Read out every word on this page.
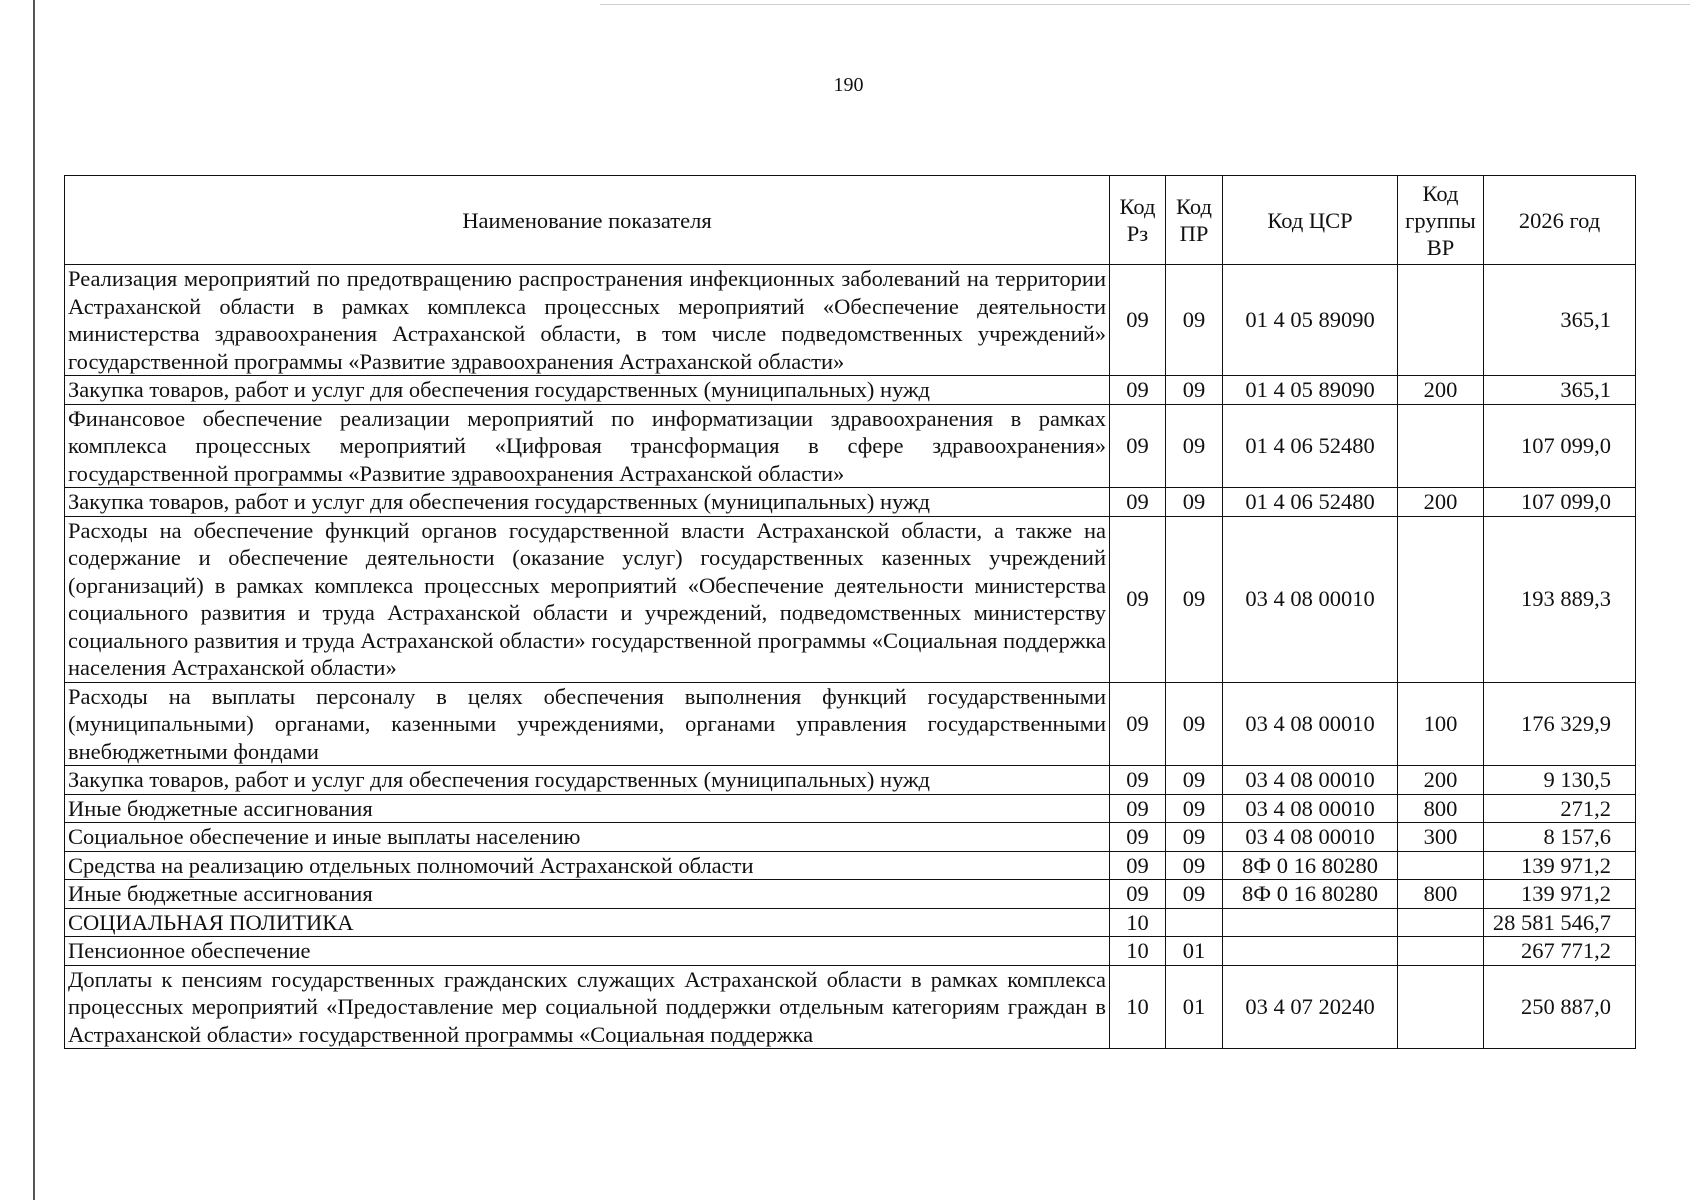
190
Наименование показателя	Код Рз	Код ПР	Код ЦСР	Код группы ВР	2026 год
Реализация мероприятий по предотвращению распространения инфекционных заболеваний на территории Астраханской области в рамках комплекса процессных мероприятий «Обеспечение деятельности министерства здравоохранения Астраханской области, в том числе подведомственных учреждений» государственной программы «Развитие здравоохранения Астраханской области»	09	09	01 4 05 89090		365,1
Закупка товаров, работ и услуг для обеспечения государственных (муниципальных) нужд	09	09	01 4 05 89090	200	365,1
Финансовое обеспечение реализации мероприятий по информатизации здравоохранения в рамках комплекса процессных мероприятий «Цифровая трансформация в сфере здравоохранения» государственной программы «Развитие здравоохранения Астраханской области»	09	09	01 4 06 52480		107 099,0
Закупка товаров, работ и услуг для обеспечения государственных (муниципальных) нужд	09	09	01 4 06 52480	200	107 099,0
Расходы на обеспечение функций органов государственной власти Астраханской области, а также на содержание и обеспечение деятельности (оказание услуг) государственных казенных учреждений (организаций) в рамках комплекса процессных мероприятий «Обеспечение деятельности министерства социального развития и труда Астраханской области и учреждений, подведомственных министерству социального развития и труда Астраханской области» государственной программы «Социальная поддержка населения Астраханской области»	09	09	03 4 08 00010		193 889,3
Расходы на выплаты персоналу в целях обеспечения выполнения функций государственными (муниципальными) органами, казенными учреждениями, органами управления государственными внебюджетными фондами	09	09	03 4 08 00010	100	176 329,9
Закупка товаров, работ и услуг для обеспечения государственных (муниципальных) нужд	09	09	03 4 08 00010	200	9 130,5
Иные бюджетные ассигнования	09	09	03 4 08 00010	800	271,2
Социальное обеспечение и иные выплаты населению	09	09	03 4 08 00010	300	8 157,6
Средства на реализацию отдельных полномочий Астраханской области	09	09	8Ф 0 16 80280		139 971,2
Иные бюджетные ассигнования	09	09	8Ф 0 16 80280	800	139 971,2
СОЦИАЛЬНАЯ ПОЛИТИКА	10				28 581 546,7
Пенсионное обеспечение	10	01			267 771,2
Доплаты к пенсиям государственных гражданских служащих Астраханской области в рамках комплекса процессных мероприятий «Предоставление мер социальной поддержки отдельным категориям граждан в Астраханской области» государственной программы «Социальная поддержка	10	01	03 4 07 20240		250 887,0
